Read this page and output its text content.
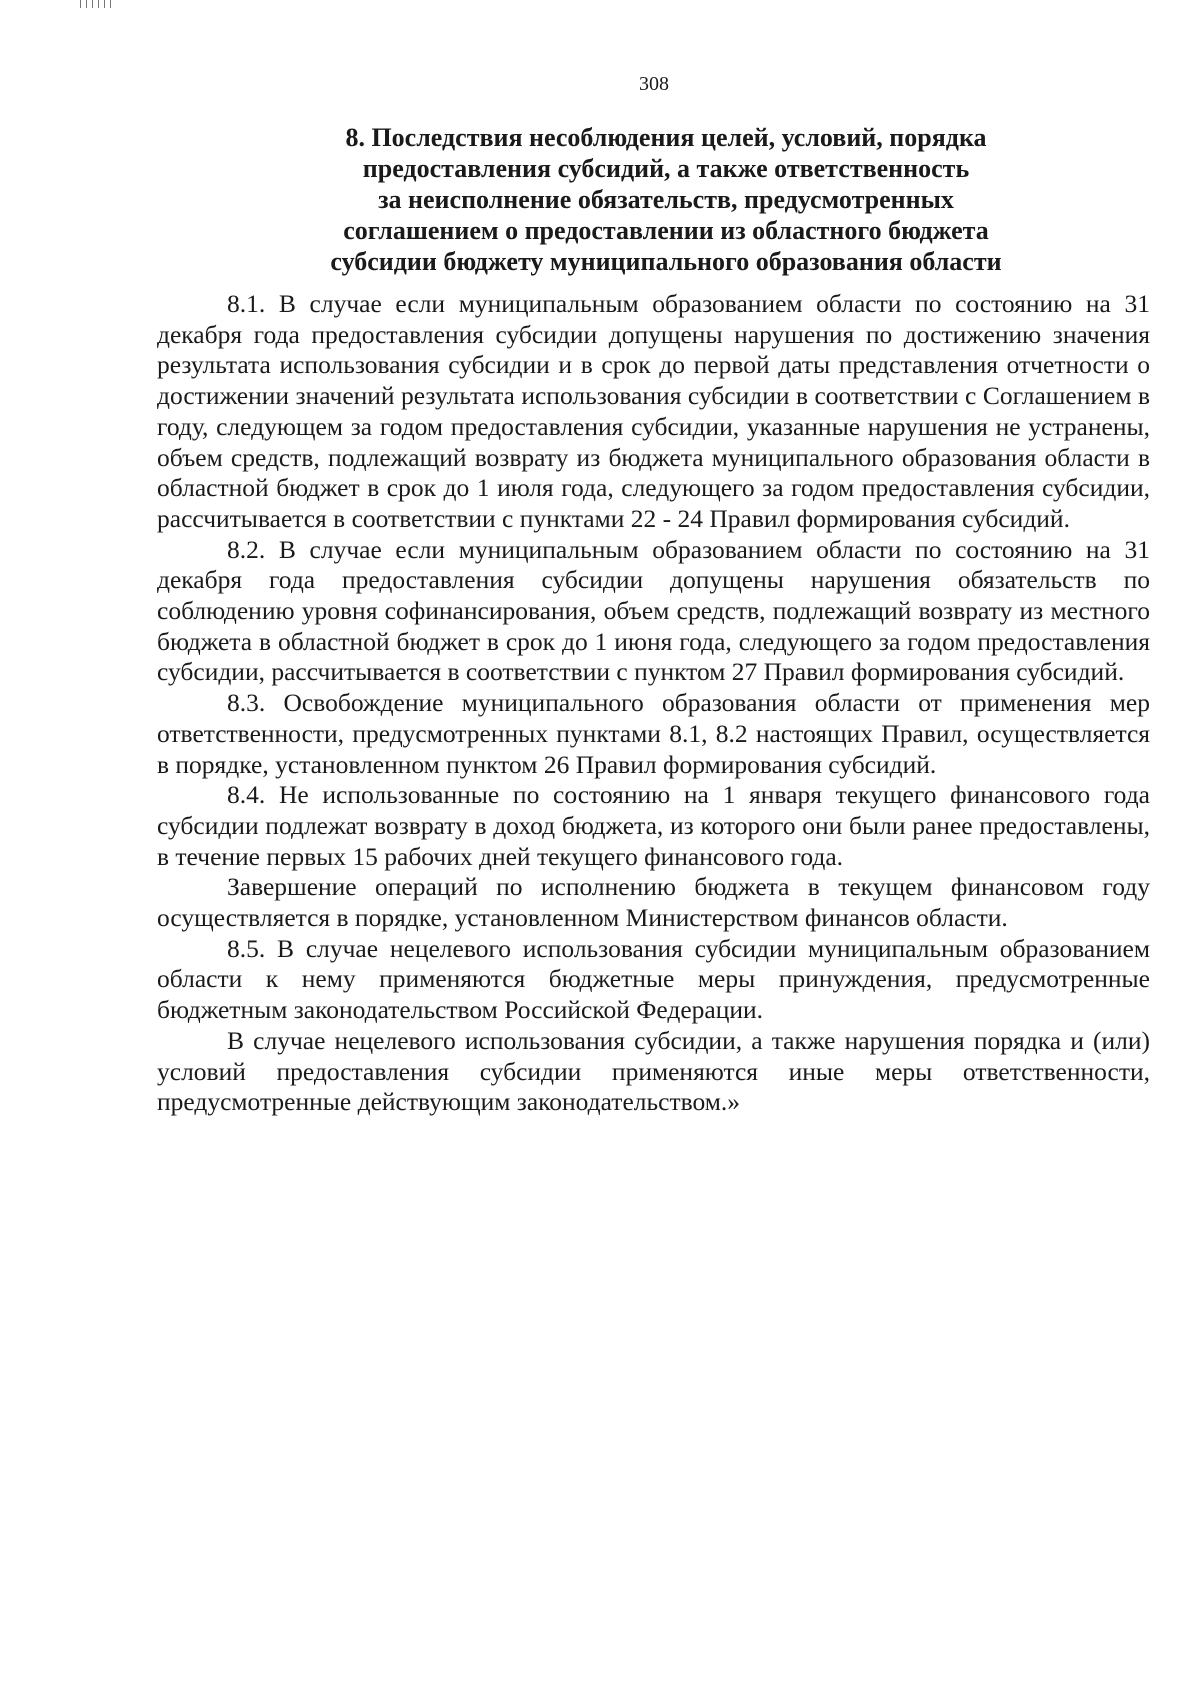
308
8. Последствия несоблюдения целей, условий, порядка
предоставления субсидий, а также ответственность
за неисполнение обязательств, предусмотренных
соглашением о предоставлении из областного бюджета
субсидии бюджету муниципального образования области

8.1. В случае если муниципальным образованием области по состоянию на 31 декабря года предоставления субсидии допущены нарушения по достижению значения результата использования субсидии и в срок до первой даты представления отчетности о достижении значений результата использования субсидии в соответствии с Соглашением в году, следующем за годом предоставления субсидии, указанные нарушения не устранены, объем средств, подлежащий возврату из бюджета муниципального образования области в областной бюджет в срок до 1 июля года, следующего за годом предоставления субсидии, рассчитывается в соответствии с пунктами 22 - 24 Правил формирования субсидий.

8.2. В случае если муниципальным образованием области по состоянию на 31 декабря года предоставления субсидии допущены нарушения обязательств по соблюдению уровня софинансирования, объем средств, подлежащий возврату из местного бюджета в областной бюджет в срок до 1 июня года, следующего за годом предоставления субсидии, рассчитывается в соответствии с пунктом 27 Правил формирования субсидий.

8.3. Освобождение муниципального образования области от применения мер ответственности, предусмотренных пунктами 8.1, 8.2 настоящих Правил, осуществляется в порядке, установленном пунктом 26 Правил формирования субсидий.

8.4. Не использованные по состоянию на 1 января текущего финансового года субсидии подлежат возврату в доход бюджета, из которого они были ранее предоставлены, в течение первых 15 рабочих дней текущего финансового года.

Завершение операций по исполнению бюджета в текущем финансовом году осуществляется в порядке, установленном Министерством финансов области.

8.5. В случае нецелевого использования субсидии муниципальным образованием области к нему применяются бюджетные меры принуждения, предусмотренные бюджетным законодательством Российской Федерации.

В случае нецелевого использования субсидии, а также нарушения порядка и (или) условий предоставления субсидии применяются иные меры ответственности, предусмотренные действующим законодательством.»
